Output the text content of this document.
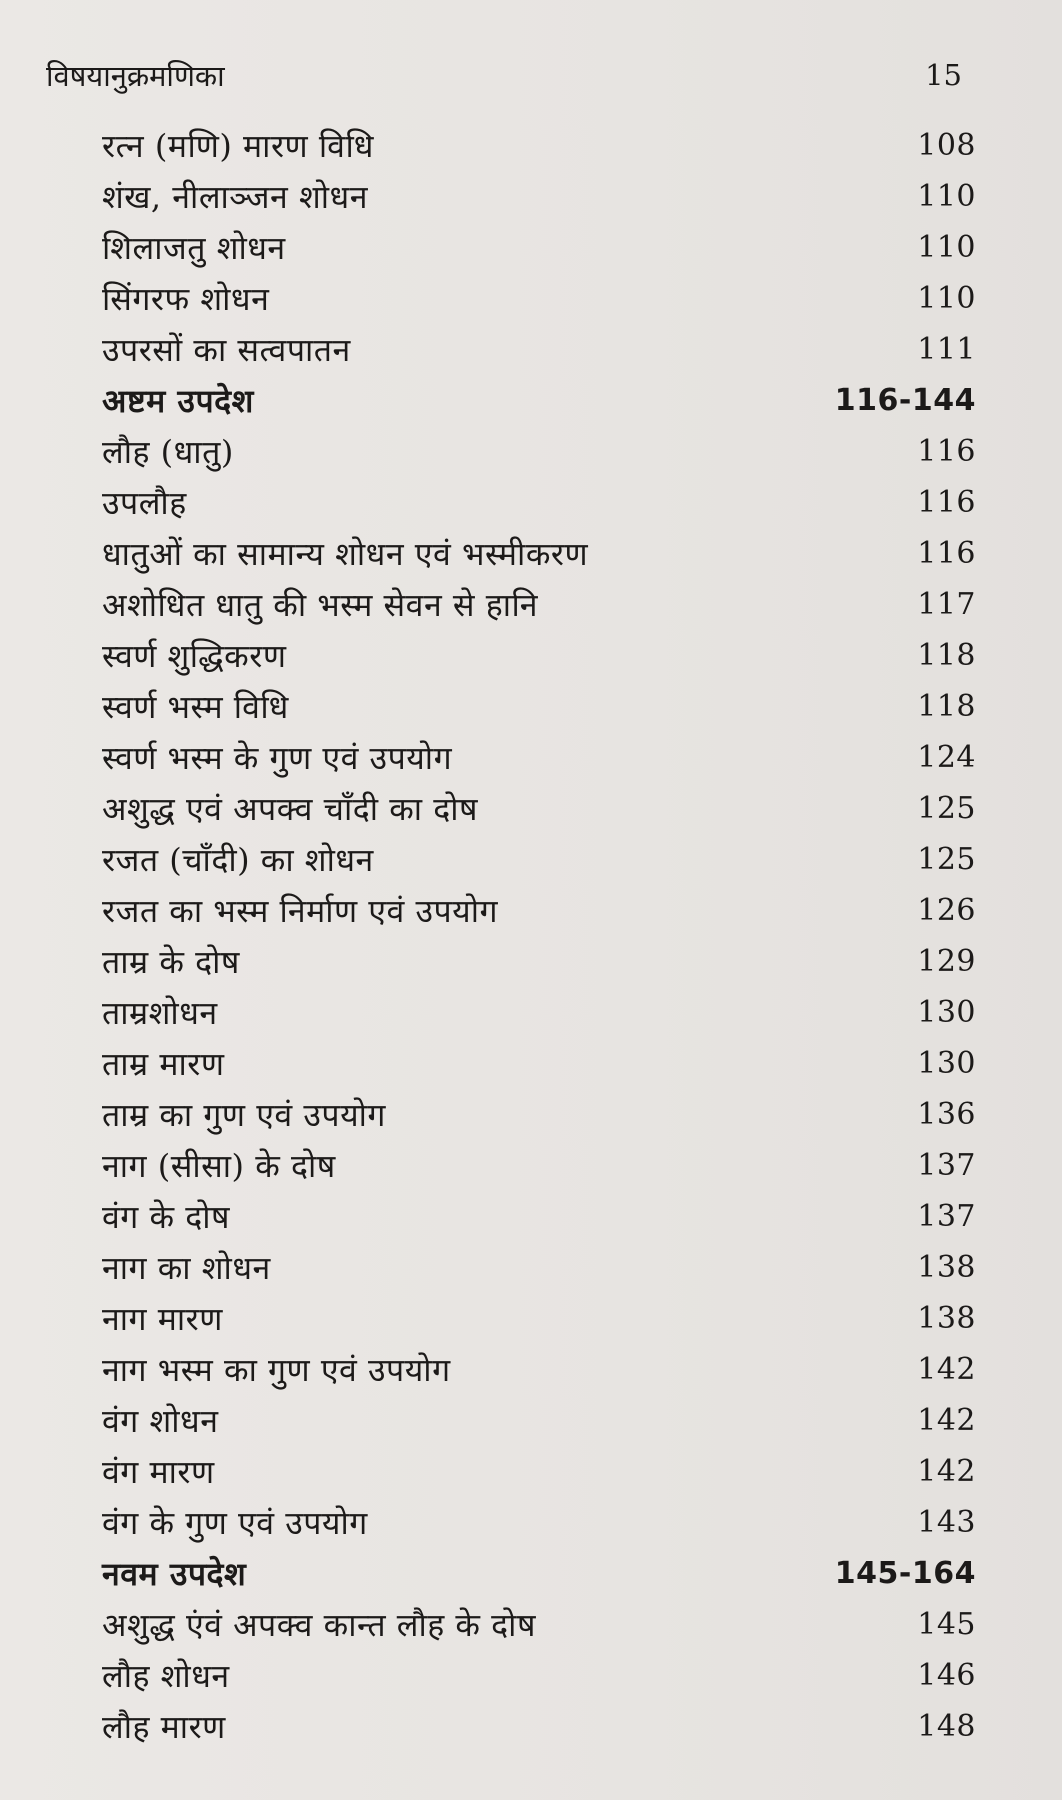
विषयानुक्रमणिका	15
रत्न (मणि) मारण विधि	108
शंख, नीलाञ्जन शोधन	110
शिलाजतु शोधन	110
सिंगरफ शोधन	110
उपरसों का सत्वपातन	111
अष्टम उपदेश	116-144
लौह (धातु)	116
उपलौह	116
धातुओं का सामान्य शोधन एवं भस्मीकरण	116
अशोधित धातु की भस्म सेवन से हानि	117
स्वर्ण शुद्धिकरण	118
स्वर्ण भस्म विधि	118
स्वर्ण भस्म के गुण एवं उपयोग	124
अशुद्ध एवं अपक्व चाँदी का दोष	125
रजत (चाँदी) का शोधन	125
रजत का भस्म निर्माण एवं उपयोग	126
ताम्र के दोष	129
ताम्रशोधन	130
ताम्र मारण	130
ताम्र का गुण एवं उपयोग	136
नाग (सीसा) के दोष	137
वंग के दोष	137
नाग का शोधन	138
नाग मारण	138
नाग भस्म का गुण एवं उपयोग	142
वंग शोधन	142
वंग मारण	142
वंग के गुण एवं उपयोग	143
नवम उपदेश	145-164
अशुद्ध एंवं अपक्व कान्त लौह के दोष	145
लौह शोधन	146
लौह मारण	148
